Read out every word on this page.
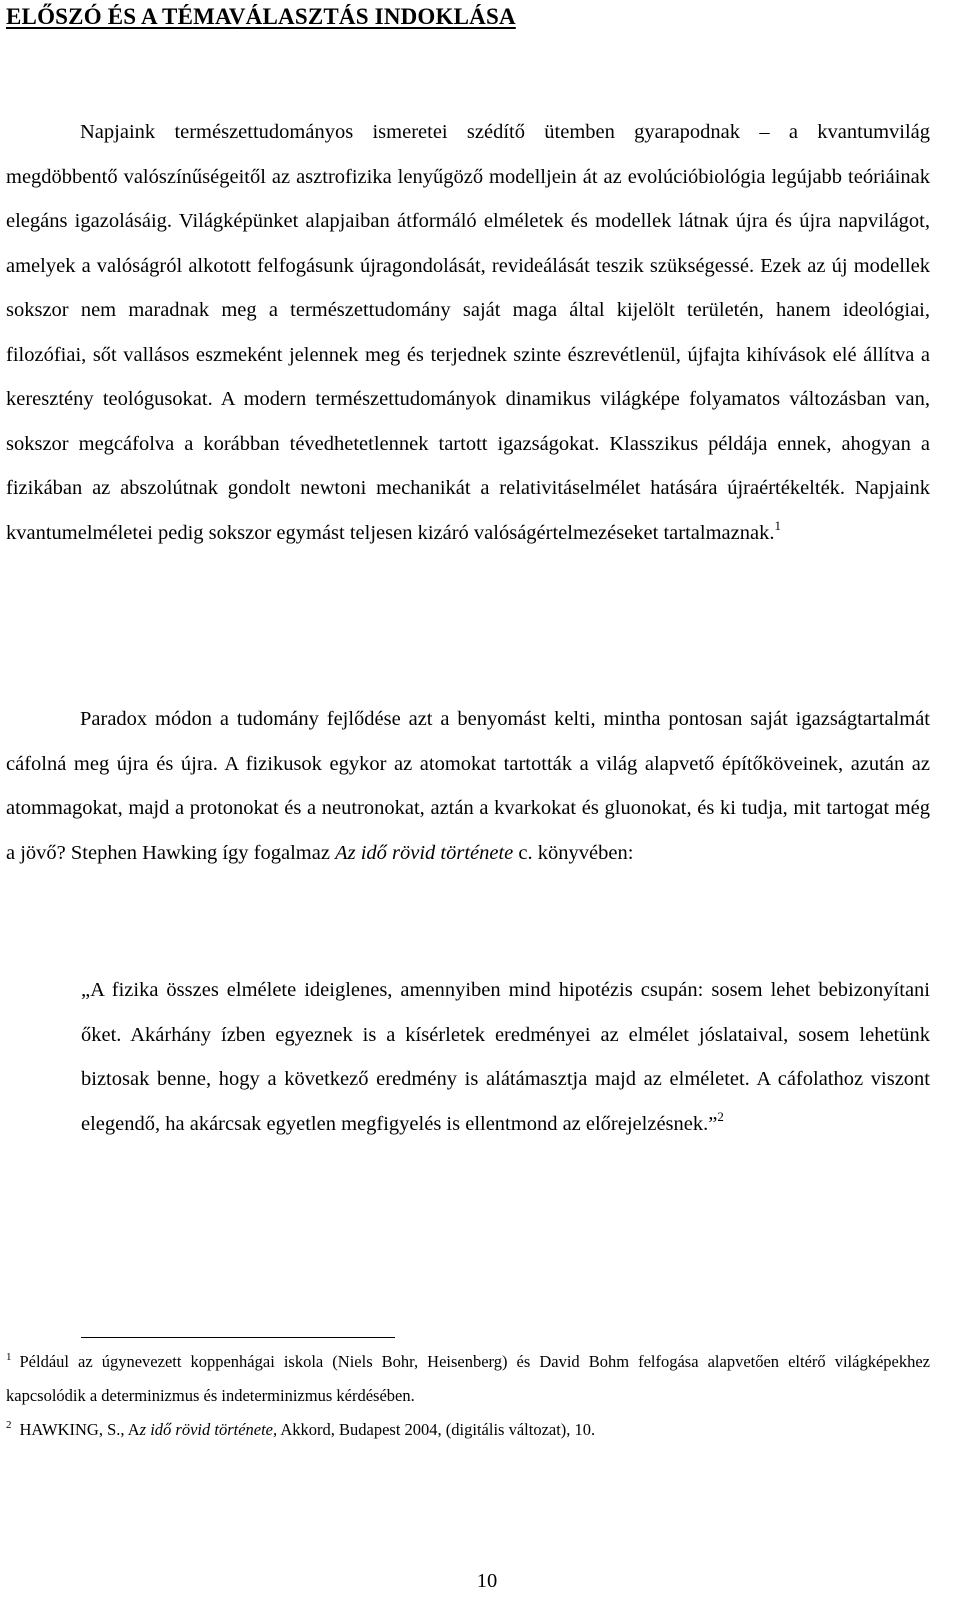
ELŐSZÓ ÉS A TÉMAVÁLASZTÁS INDOKLÁSA

Napjaink természettudományos ismeretei szédítő ütemben gyarapodnak – a kvantumvilág megdöbbentő valószínűségeitől az asztrofizika lenyűgöző modelljein át az evolúcióbiológia legújabb teóriáinak elegáns igazolásáig. Világképünket alapjaiban átformáló elméletek és modellek látnak újra és újra napvilágot, amelyek a valóságról alkotott felfogásunk újragondolását, revideálását teszik szükségessé. Ezek az új modellek sokszor nem maradnak meg a természettudomány saját maga által kijelölt területén, hanem ideológiai, filozófiai, sőt vallásos eszmeként jelennek meg és terjednek szinte észrevétlenül, újfajta kihívások elé állítva a keresztény teológusokat. A modern természettudományok dinamikus világképe folyamatos változásban van, sokszor megcáfolva a korábban tévedhetetlennek tartott igazságokat. Klasszikus példája ennek, ahogyan a fizikában az abszolútnak gondolt newtoni mechanikát a relativitáselmélet hatására újraértékelték. Napjaink kvantumelméletei pedig sokszor egymást teljesen kizáró valóságértelmezéseket tartalmaznak.$^1$

Paradox módon a tudomány fejlődése azt a benyomást kelti, mintha pontosan saját igazságtartalmát cáfolná meg újra és újra. A fizikusok egykor az atomokat tartották a világ alapvető építőköveinek, azután az atommagokat, majd a protonokat és a neutronokat, aztán a kvarkokat és gluonokat, és ki tudja, mit tartogat még a jövő? Stephen Hawking így fogalmaz Az idő rövid története c. könyvében:

„A fizika összes elmélete ideiglenes, amennyiben mind hipotézis csupán: sosem lehet bebizonyítani őket. Akárhány ízben egyeznek is a kísérletek eredményei az elmélet jóslataival, sosem lehetünk biztosak benne, hogy a következő eredmény is alátámasztja majd az elméletet. A cáfolathoz viszont elegendő, ha akárcsak egyetlen megfigyelés is ellentmond az előrejelzésnek.”$^2$

$^1$ Például az úgynevezett koppenhágai iskola (Niels Bohr, Heisenberg) és David Bohm felfogása alapvetően eltérő világképekhez kapcsolódik a determinizmus és indeterminizmus kérdésében.

$^2$ HAWKING, S., Az idő rövid története, Akkord, Budapest 2004, (digitális változat), 10.

10
